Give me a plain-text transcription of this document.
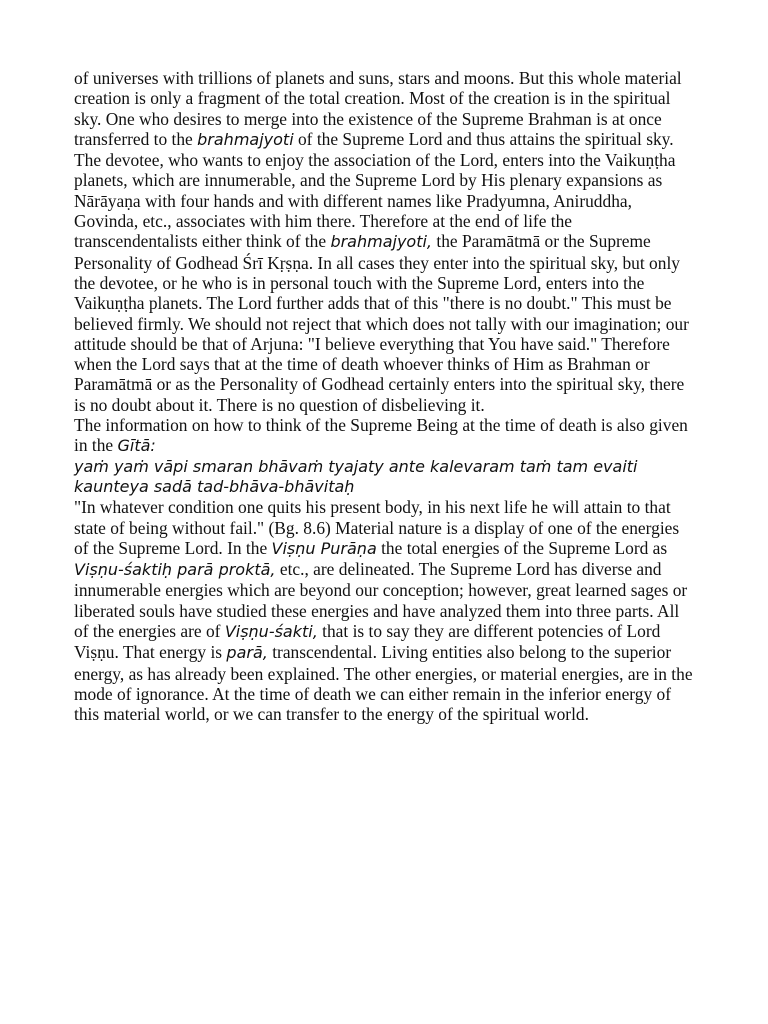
of universes with trillions of planets and suns, stars and moons. But this whole material creation is only a fragment of the total creation. Most of the creation is in the spiritual sky. One who desires to merge into the existence of the Supreme Brahman is at once transferred to the brahmajyoti of the Supreme Lord and thus attains the spiritual sky. The devotee, who wants to enjoy the association of the Lord, enters into the Vaikuṇṭha planets, which are innumerable, and the Supreme Lord by His plenary expansions as Nārāyaṇa with four hands and with different names like Pradyumna, Aniruddha, Govinda, etc., associates with him there. Therefore at the end of life the transcendentalists either think of the brahmajyoti, the Paramātmā or the Supreme Personality of Godhead Śrī Kṛṣṇa. In all cases they enter into the spiritual sky, but only the devotee, or he who is in personal touch with the Supreme Lord, enters into the Vaikuṇṭha planets. The Lord further adds that of this "there is no doubt." This must be believed firmly. We should not reject that which does not tally with our imagination; our attitude should be that of Arjuna: "I believe everything that You have said." Therefore when the Lord says that at the time of death whoever thinks of Him as Brahman or Paramātmā or as the Personality of Godhead certainly enters into the spiritual sky, there is no doubt about it. There is no question of disbelieving it.

The information on how to think of the Supreme Being at the time of death is also given in the Gītā:

yaṁ yaṁ vāpi smaran bhāvaṁ tyajaty ante kalevaram taṁ tam evaiti kaunteya sadā tad-bhāva-bhāvitaḥ

"In whatever condition one quits his present body, in his next life he will attain to that state of being without fail." (Bg. 8.6) Material nature is a display of one of the energies of the Supreme Lord. In the Viṣṇu Purāṇa the total energies of the Supreme Lord as Viṣṇu-śaktiḥ parā proktā, etc., are delineated. The Supreme Lord has diverse and innumerable energies which are beyond our conception; however, great learned sages or liberated souls have studied these energies and have analyzed them into three parts. All of the energies are of Viṣṇu-śakti, that is to say they are different potencies of Lord Viṣṇu. That energy is parā, transcendental. Living entities also belong to the superior energy, as has already been explained. The other energies, or material energies, are in the mode of ignorance. At the time of death we can either remain in the inferior energy of this material world, or we can transfer to the energy of the spiritual world.
